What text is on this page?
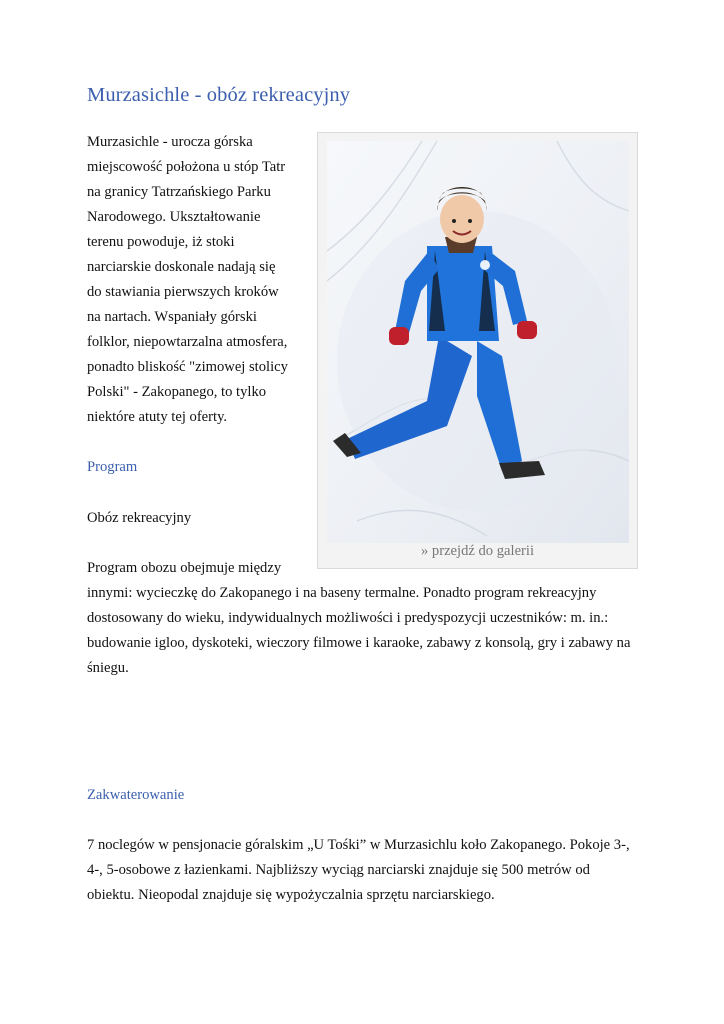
Murzasichle - obóz rekreacyjny
Murzasichle - urocza górska
miejscowość położona u stóp Tatr
na granicy Tatrzańskiego Parku
Narodowego. Ukształtowanie
terenu powoduje, iż stoki
narciarskie doskonale nadają się
do stawiania pierwszych kroków
na nartach. Wspaniały górski
folklor, niepowtarzalna atmosfera,
ponadto bliskość "zimowej stolicy
Polski" - Zakopanego, to tylko
niektóre atuty tej oferty.
Program
Obóz rekreacyjny
Program obozu obejmuje między
innymi: wycieczkę do Zakopanego i na baseny termalne. Ponadto program rekreacyjny
dostosowany do wieku, indywidualnych możliwości i predyspozycji uczestników: m. in.:
budowanie igloo, dyskoteki, wieczory filmowe i karaoke, zabawy z konsolą, gry i zabawy na
śniegu.
Zakwaterowanie
7 noclegów w pensjonacie góralskim „U Tośki” w Murzasichlu koło Zakopanego. Pokoje 3-,
4-, 5-osobowe z łazienkami. Najbliższy wyciąg narciarski znajduje się 500 metrów od
obiektu. Nieopodal znajduje się wypożyczalnia sprzętu narciarskiego.
» przejdź do galerii
